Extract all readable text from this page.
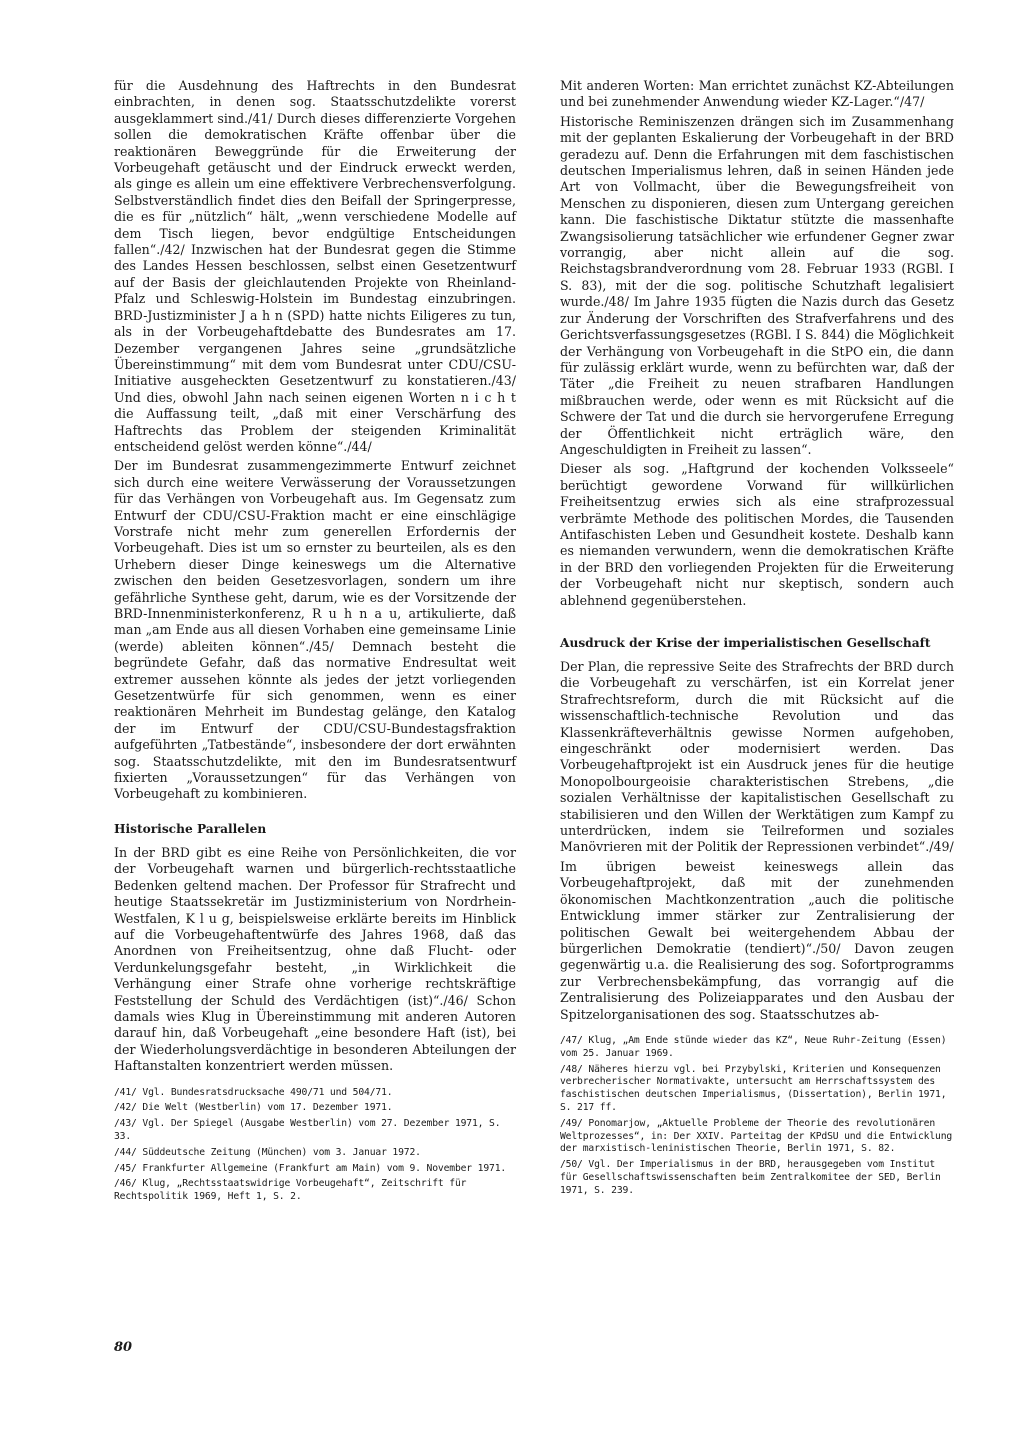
für die Ausdehnung des Haftrechts in den Bundesrat einbrachten, in denen sog. Staatsschutzdelikte vorerst ausgeklammert sind./41/ Durch dieses differenzierte Vorgehen sollen die demokratischen Kräfte offenbar über die reaktionären Beweggründe für die Erweiterung der Vorbeugehaft getäuscht und der Eindruck erweckt werden, als ginge es allein um eine effektivere Verbrechensverfolgung. Selbstverständlich findet dies den Beifall der Springerpresse, die es für „nützlich“ hält, „wenn verschiedene Modelle auf dem Tisch liegen, bevor endgültige Entscheidungen fallen“./42/ Inzwischen hat der Bundesrat gegen die Stimme des Landes Hessen beschlossen, selbst einen Gesetzentwurf auf der Basis der gleichlautenden Projekte von Rheinland-Pfalz und Schleswig-Holstein im Bundestag einzubringen. BRD-Justizminister J a h n (SPD) hatte nichts Eiligeres zu tun, als in der Vorbeugehaftdebatte des Bundesrates am 17. Dezember vergangenen Jahres seine „grundsätzliche Übereinstimmung“ mit dem vom Bundesrat unter CDU/CSU-Initiative ausgeheckten Gesetzentwurf zu konstatieren./43/ Und dies, obwohl Jahn nach seinen eigenen Worten n i c h t die Auffassung teilt, „daß mit einer Verschärfung des Haftrechts das Problem der steigenden Kriminalität entscheidend gelöst werden könne“./44/

Der im Bundesrat zusammengezimmerte Entwurf zeichnet sich durch eine weitere Verwässerung der Voraussetzungen für das Verhängen von Vorbeugehaft aus. Im Gegensatz zum Entwurf der CDU/CSU-Fraktion macht er eine einschlägige Vorstrafe nicht mehr zum generellen Erfordernis der Vorbeugehaft. Dies ist um so ernster zu beurteilen, als es den Urhebern dieser Dinge keineswegs um die Alternative zwischen den beiden Gesetzesvorlagen, sondern um ihre gefährliche Synthese geht, darum, wie es der Vorsitzende der BRD-Innenministerkonferenz, R u h n a u, artikulierte, daß man „am Ende aus all diesen Vorhaben eine gemeinsame Linie (werde) ableiten können“./45/ Demnach besteht die begründete Gefahr, daß das normative Endresultat weit extremer aussehen könnte als jedes der jetzt vorliegenden Gesetzentwürfe für sich genommen, wenn es einer reaktionären Mehrheit im Bundestag gelänge, den Katalog der im Entwurf der CDU/CSU-Bundestagsfraktion aufgeführten „Tatbestände“, insbesondere der dort erwähnten sog. Staatsschutzdelikte, mit den im Bundesratsentwurf fixierten „Voraussetzungen“ für das Verhängen von Vorbeugehaft zu kombinieren.

Historische Parallelen

In der BRD gibt es eine Reihe von Persönlichkeiten, die vor der Vorbeugehaft warnen und bürgerlich-rechtsstaatliche Bedenken geltend machen. Der Professor für Strafrecht und heutige Staatssekretär im Justizministerium von Nordrhein-Westfalen, K l u g, beispielsweise erklärte bereits im Hinblick auf die Vorbeugehaftentwürfe des Jahres 1968, daß das Anordnen von Freiheitsentzug, ohne daß Flucht- oder Verdunkelungsgefahr besteht, „in Wirklichkeit die Verhängung einer Strafe ohne vorherige rechtskräftige Feststellung der Schuld des Verdächtigen (ist)“./46/ Schon damals wies Klug in Übereinstimmung mit anderen Autoren darauf hin, daß Vorbeugehaft „eine besondere Haft (ist), bei der Wiederholungsverdächtige in besonderen Abteilungen der Haftanstalten konzentriert werden müssen.

/41/ Vgl. Bundesratsdrucksache 490/71 und 504/71.

/42/ Die Welt (Westberlin) vom 17. Dezember 1971.

/43/ Vgl. Der Spiegel (Ausgabe Westberlin) vom 27. Dezember 1971, S. 33.

/44/ Süddeutsche Zeitung (München) vom 3. Januar 1972.

/45/ Frankfurter Allgemeine (Frankfurt am Main) vom 9. November 1971.

/46/ Klug, „Rechtsstaatswidrige Vorbeugehaft“, Zeitschrift für Rechtspolitik 1969, Heft 1, S. 2.

Mit anderen Worten: Man errichtet zunächst KZ-Abteilungen und bei zunehmender Anwendung wieder KZ-Lager.“/47/

Historische Reminiszenzen drängen sich im Zusammenhang mit der geplanten Eskalierung der Vorbeugehaft in der BRD geradezu auf. Denn die Erfahrungen mit dem faschistischen deutschen Imperialismus lehren, daß in seinen Händen jede Art von Vollmacht, über die Bewegungsfreiheit von Menschen zu disponieren, diesen zum Untergang gereichen kann. Die faschistische Diktatur stützte die massenhafte Zwangsisolierung tatsächlicher wie erfundener Gegner zwar vorrangig, aber nicht allein auf die sog. Reichstagsbrandverordnung vom 28. Februar 1933 (RGBl. I S. 83), mit der die sog. politische Schutzhaft legalisiert wurde./48/ Im Jahre 1935 fügten die Nazis durch das Gesetz zur Änderung der Vorschriften des Strafverfahrens und des Gerichtsverfassungsgesetzes (RGBl. I S. 844) die Möglichkeit der Verhängung von Vorbeugehaft in die StPO ein, die dann für zulässig erklärt wurde, wenn zu befürchten war, daß der Täter „die Freiheit zu neuen strafbaren Handlungen mißbrauchen werde, oder wenn es mit Rücksicht auf die Schwere der Tat und die durch sie hervorgerufene Erregung der Öffentlichkeit nicht erträglich wäre, den Angeschuldigten in Freiheit zu lassen“.

Dieser als sog. „Haftgrund der kochenden Volksseele“ berüchtigt gewordene Vorwand für willkürlichen Freiheitsentzug erwies sich als eine strafprozessual verbrämte Methode des politischen Mordes, die Tausenden Antifaschisten Leben und Gesundheit kostete. Deshalb kann es niemanden verwundern, wenn die demokratischen Kräfte in der BRD den vorliegenden Projekten für die Erweiterung der Vorbeugehaft nicht nur skeptisch, sondern auch ablehnend gegenüberstehen.

Ausdruck der Krise der imperialistischen Gesellschaft

Der Plan, die repressive Seite des Strafrechts der BRD durch die Vorbeugehaft zu verschärfen, ist ein Korrelat jener Strafrechtsreform, durch die mit Rücksicht auf die wissenschaftlich-technische Revolution und das Klassenkräfteverhältnis gewisse Normen aufgehoben, eingeschränkt oder modernisiert werden. Das Vorbeugehaftprojekt ist ein Ausdruck jenes für die heutige Monopolbourgeoisie charakteristischen Strebens, „die sozialen Verhältnisse der kapitalistischen Gesellschaft zu stabilisieren und den Willen der Werktätigen zum Kampf zu unterdrücken, indem sie Teilreformen und soziales Manövrieren mit der Politik der Repressionen verbindet“./49/

Im übrigen beweist keineswegs allein das Vorbeugehaftprojekt, daß mit der zunehmenden ökonomischen Machtkonzentration „auch die politische Entwicklung immer stärker zur Zentralisierung der politischen Gewalt bei weitergehendem Abbau der bürgerlichen Demokratie (tendiert)“./50/ Davon zeugen gegenwärtig u.a. die Realisierung des sog. Sofortprogramms zur Verbrechensbekämpfung, das vorrangig auf die Zentralisierung des Polizeiapparates und den Ausbau der Spitzelorganisationen des sog. Staatsschutzes ab-

/47/ Klug, „Am Ende stünde wieder das KZ“, Neue Ruhr-Zeitung (Essen) vom 25. Januar 1969.

/48/ Näheres hierzu vgl. bei Przybylski, Kriterien und Konsequenzen verbrecherischer Normativakte, untersucht am Herrschaftssystem des faschistischen deutschen Imperialismus, (Dissertation), Berlin 1971, S. 217 ff.

/49/ Ponomarjow, „Aktuelle Probleme der Theorie des revolutionären Weltprozesses“, in: Der XXIV. Parteitag der KPdSU und die Entwicklung der marxistisch-leninistischen Theorie, Berlin 1971, S. 82.

/50/ Vgl. Der Imperialismus in der BRD, herausgegeben vom Institut für Gesellschaftswissenschaften beim Zentralkomitee der SED, Berlin 1971, S. 239.

80
